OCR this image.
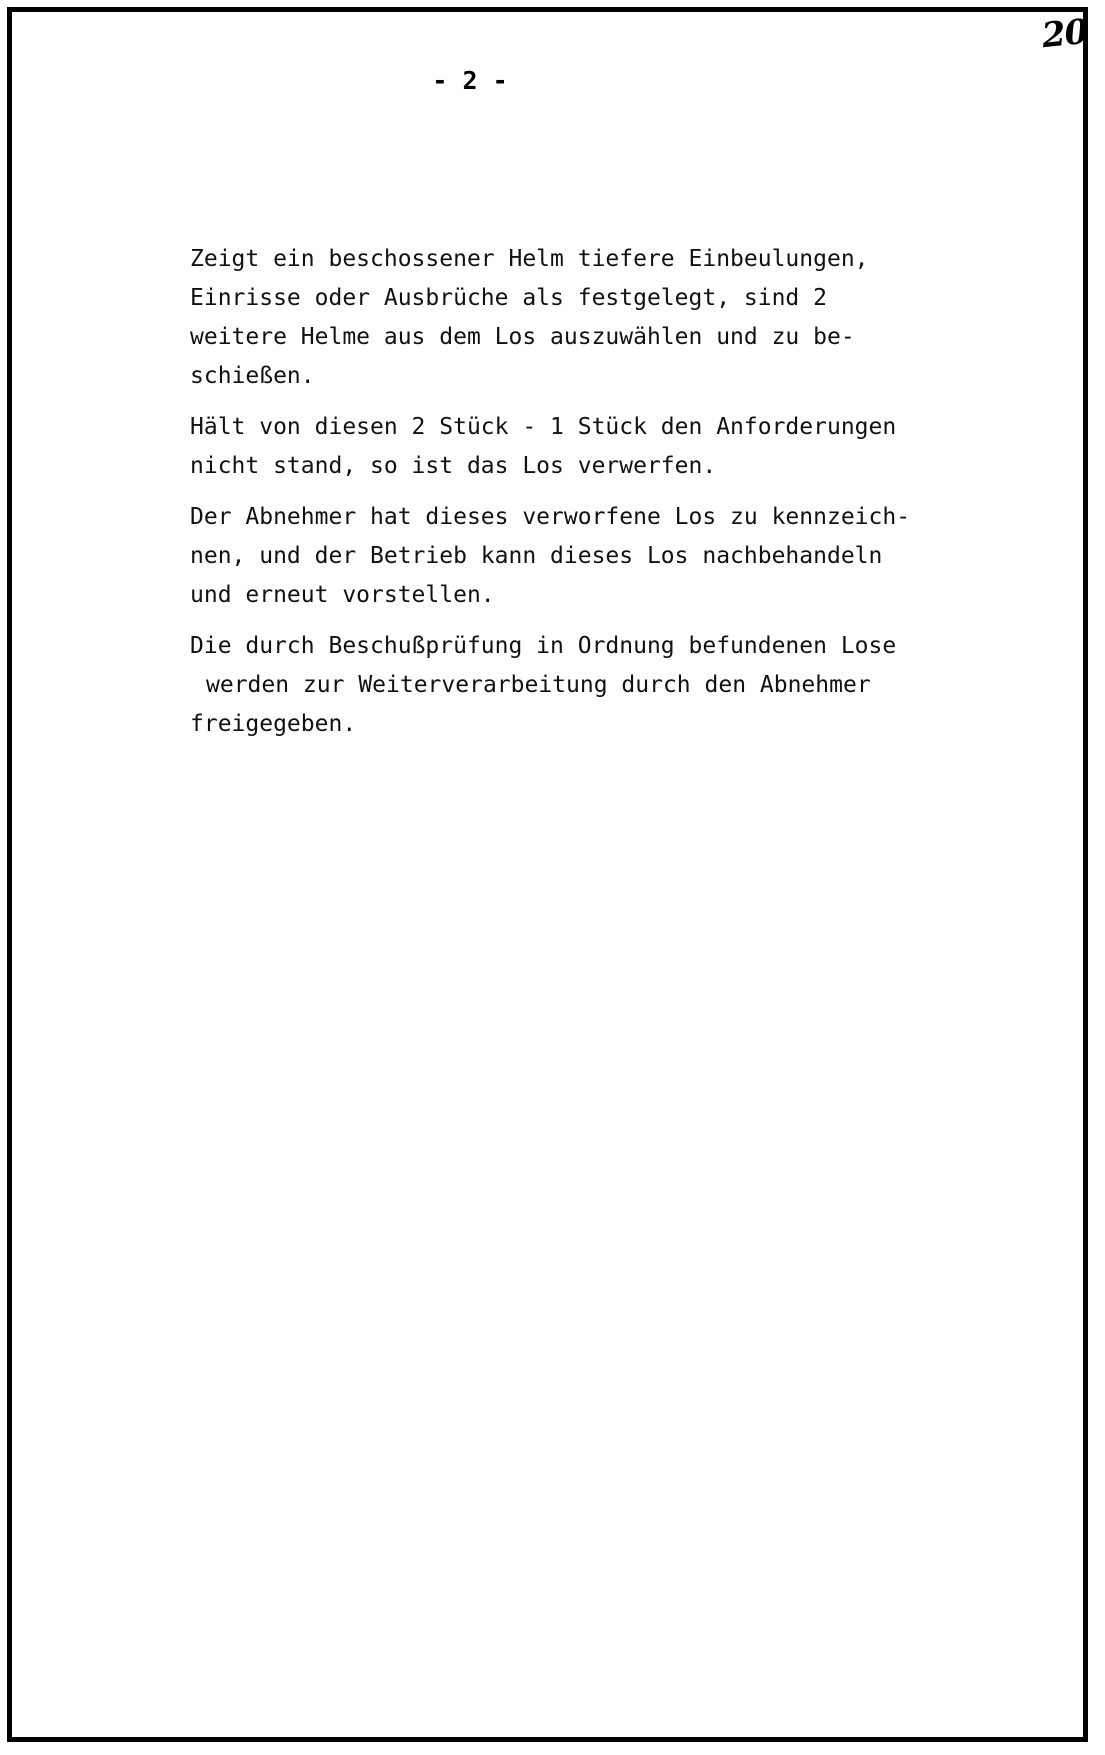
20
- 2 -

Zeigt ein beschossener Helm tiefere Einbeulungen,
Einrisse oder Ausbrüche als festgelegt, sind 2
weitere Helme aus dem Los auszuwählen und zu be-
schießen.

Hält von diesen 2 Stück - 1 Stück den Anforderungen
nicht stand, so ist das Los verwerfen.

Der Abnehmer hat dieses verworfene Los zu kennzeich-
nen, und der Betrieb kann dieses Los nachbehandeln
und erneut vorstellen.

Die durch Beschußprüfung in Ordnung befundenen Lose
werden zur Weiterverarbeitung durch den Abnehmer
freigegeben.
